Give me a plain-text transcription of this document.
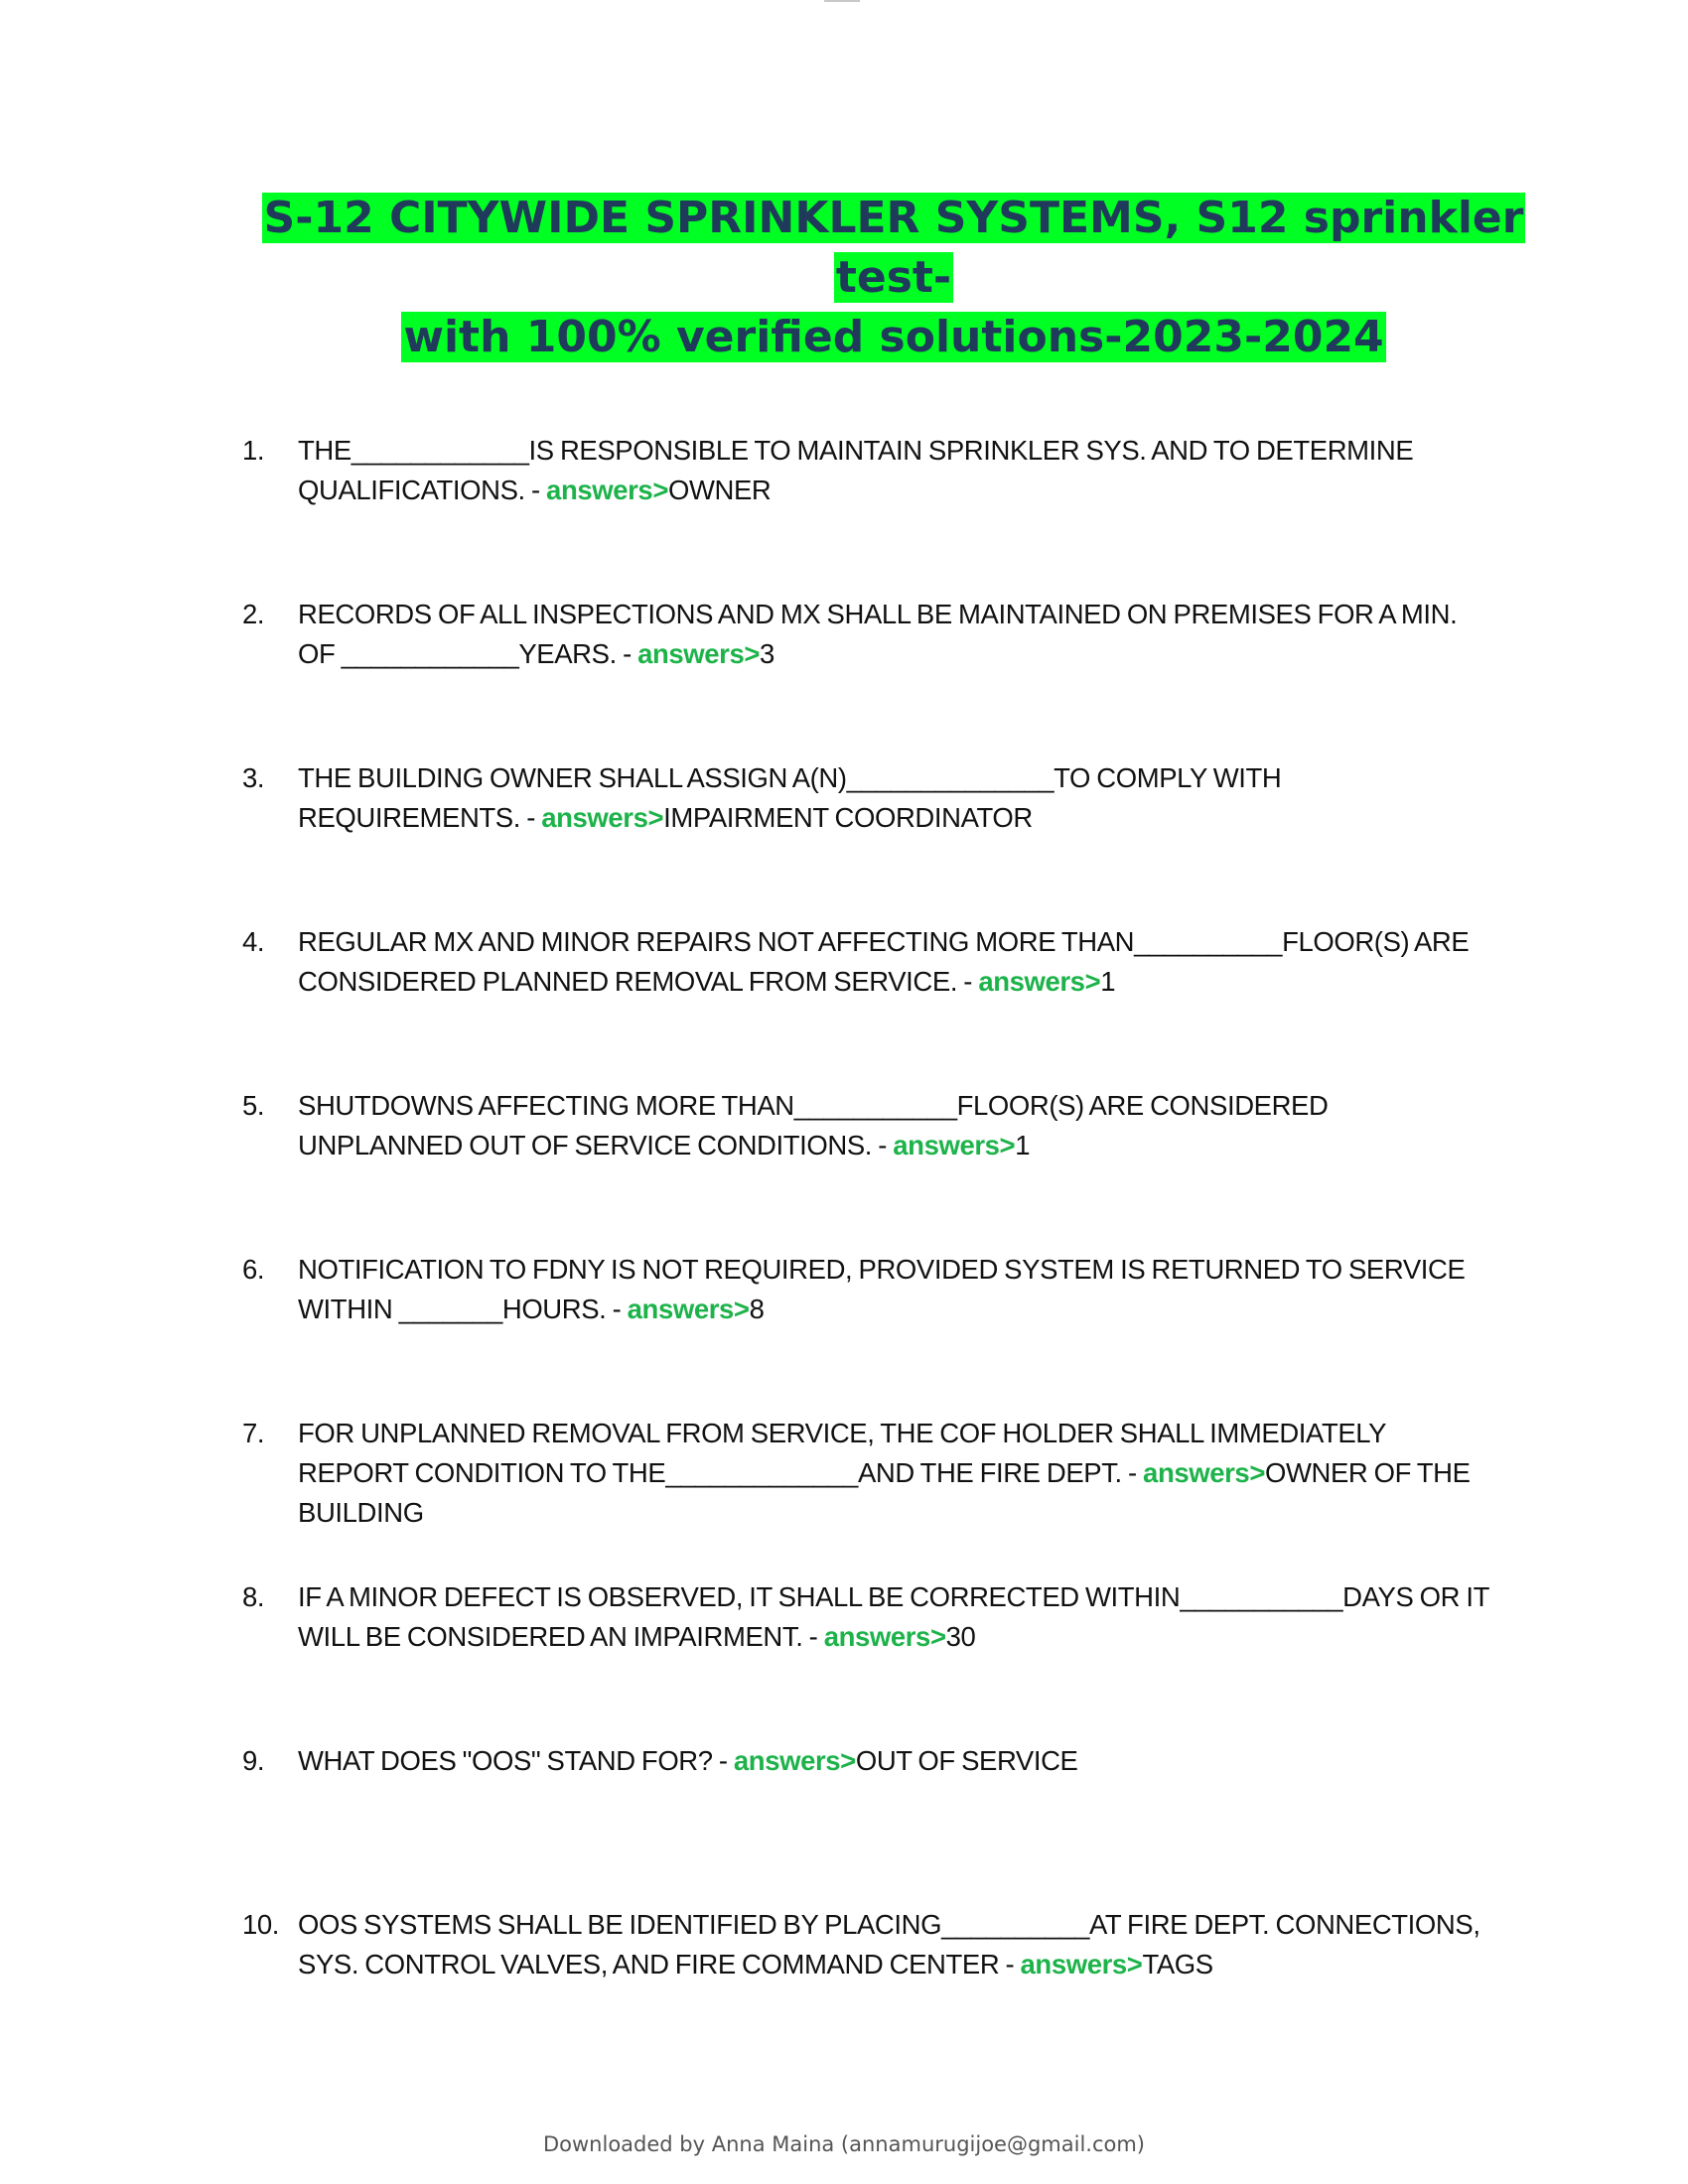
S-12 CITYWIDE SPRINKLER SYSTEMS, S12 sprinkler test-
with 100% verified solutions-2023-2024
1.	THE____________IS RESPONSIBLE TO MAINTAIN SPRINKLER SYS. AND TO DETERMINE QUALIFICATIONS. - answers>OWNER
2.	RECORDS OF ALL INSPECTIONS AND MX SHALL BE MAINTAINED ON PREMISES FOR A MIN. OF ____________YEARS. - answers>3
3.	THE BUILDING OWNER SHALL ASSIGN A(N)______________TO COMPLY WITH REQUIREMENTS. - answers>IMPAIRMENT COORDINATOR
4.	REGULAR MX AND MINOR REPAIRS NOT AFFECTING MORE THAN__________FLOOR(S) ARE CONSIDERED PLANNED REMOVAL FROM SERVICE. - answers>1
5.	SHUTDOWNS AFFECTING MORE THAN___________FLOOR(S) ARE CONSIDERED UNPLANNED OUT OF SERVICE CONDITIONS. - answers>1
6.	NOTIFICATION TO FDNY IS NOT REQUIRED, PROVIDED SYSTEM IS RETURNED TO SERVICE WITHIN _______HOURS. - answers>8
7.	FOR UNPLANNED REMOVAL FROM SERVICE, THE COF HOLDER SHALL IMMEDIATELY REPORT CONDITION TO THE_____________AND THE FIRE DEPT. - answers>OWNER OF THE BUILDING
8.	IF A MINOR DEFECT IS OBSERVED, IT SHALL BE CORRECTED WITHIN___________DAYS OR IT WILL BE CONSIDERED AN IMPAIRMENT. - answers>30
9.	WHAT DOES "OOS" STAND FOR? - answers>OUT OF SERVICE
10. OOS SYSTEMS SHALL BE IDENTIFIED BY PLACING__________AT FIRE DEPT. CONNECTIONS, SYS. CONTROL VALVES, AND FIRE COMMAND CENTER - answers>TAGS
Downloaded by Anna Maina (annamurugijoe@gmail.com)
